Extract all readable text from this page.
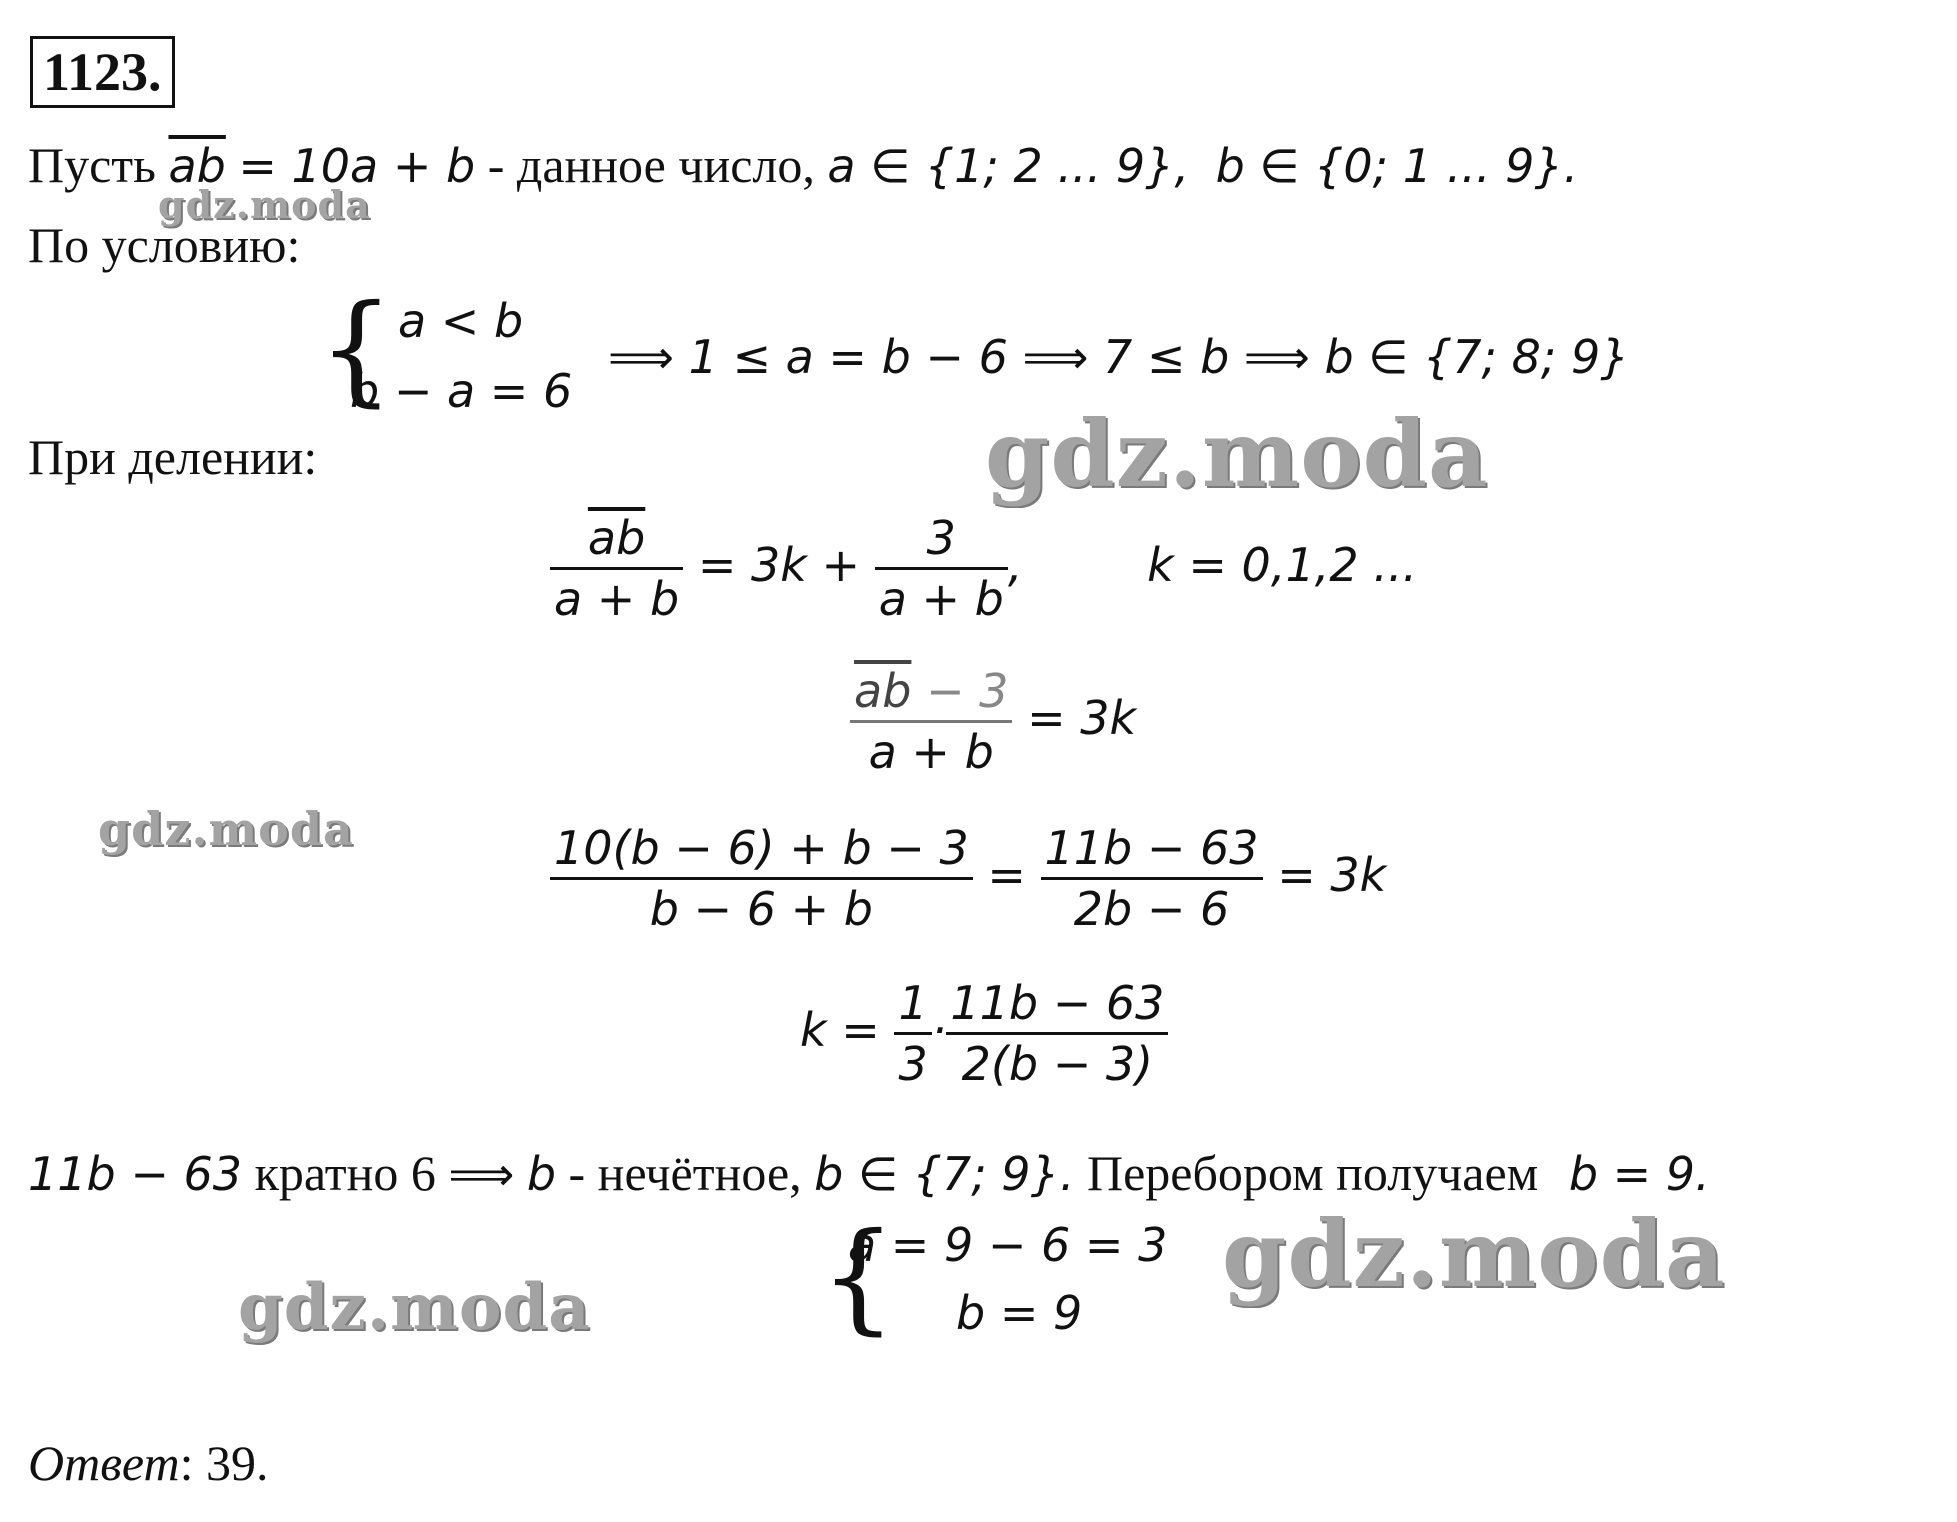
1123.
Пусть $\overline{ab} = 10a + b$ - данное число, a ∈ {1; 2 ... 9}, b ∈ {0; 1 ... 9}.
По условию:
{ a < b
b − a = 6
⟹ 1 ≤ a = b − 6 ⟹ 7 ≤ b ⟹ b ∈ {7; 8; 9}
При делении:
$\frac{\overline{ab}}{a + b} = 3k + \frac{3}{a + b}$ ,	k = 0,1,2 ...
$\frac{\overline{ab} - 3}{a + b} = 3k$
$\frac{10(b - 6) + b - 3}{b - 6 + b} = \frac{11b - 63}{2b - 6} = 3k$
$k = \frac{1}{3} \cdot \frac{11b - 63}{2(b - 3)}$
11b − 63 кратно 6 ⟹ b - нечётное, b ∈ {7; 9}. Перебором получаем b = 9.
{
a = 9 − 6 = 3
b = 9
Ответ: 39.
gdz.moda
gdz.moda
gdz.moda
gdz.moda
gdz.moda
